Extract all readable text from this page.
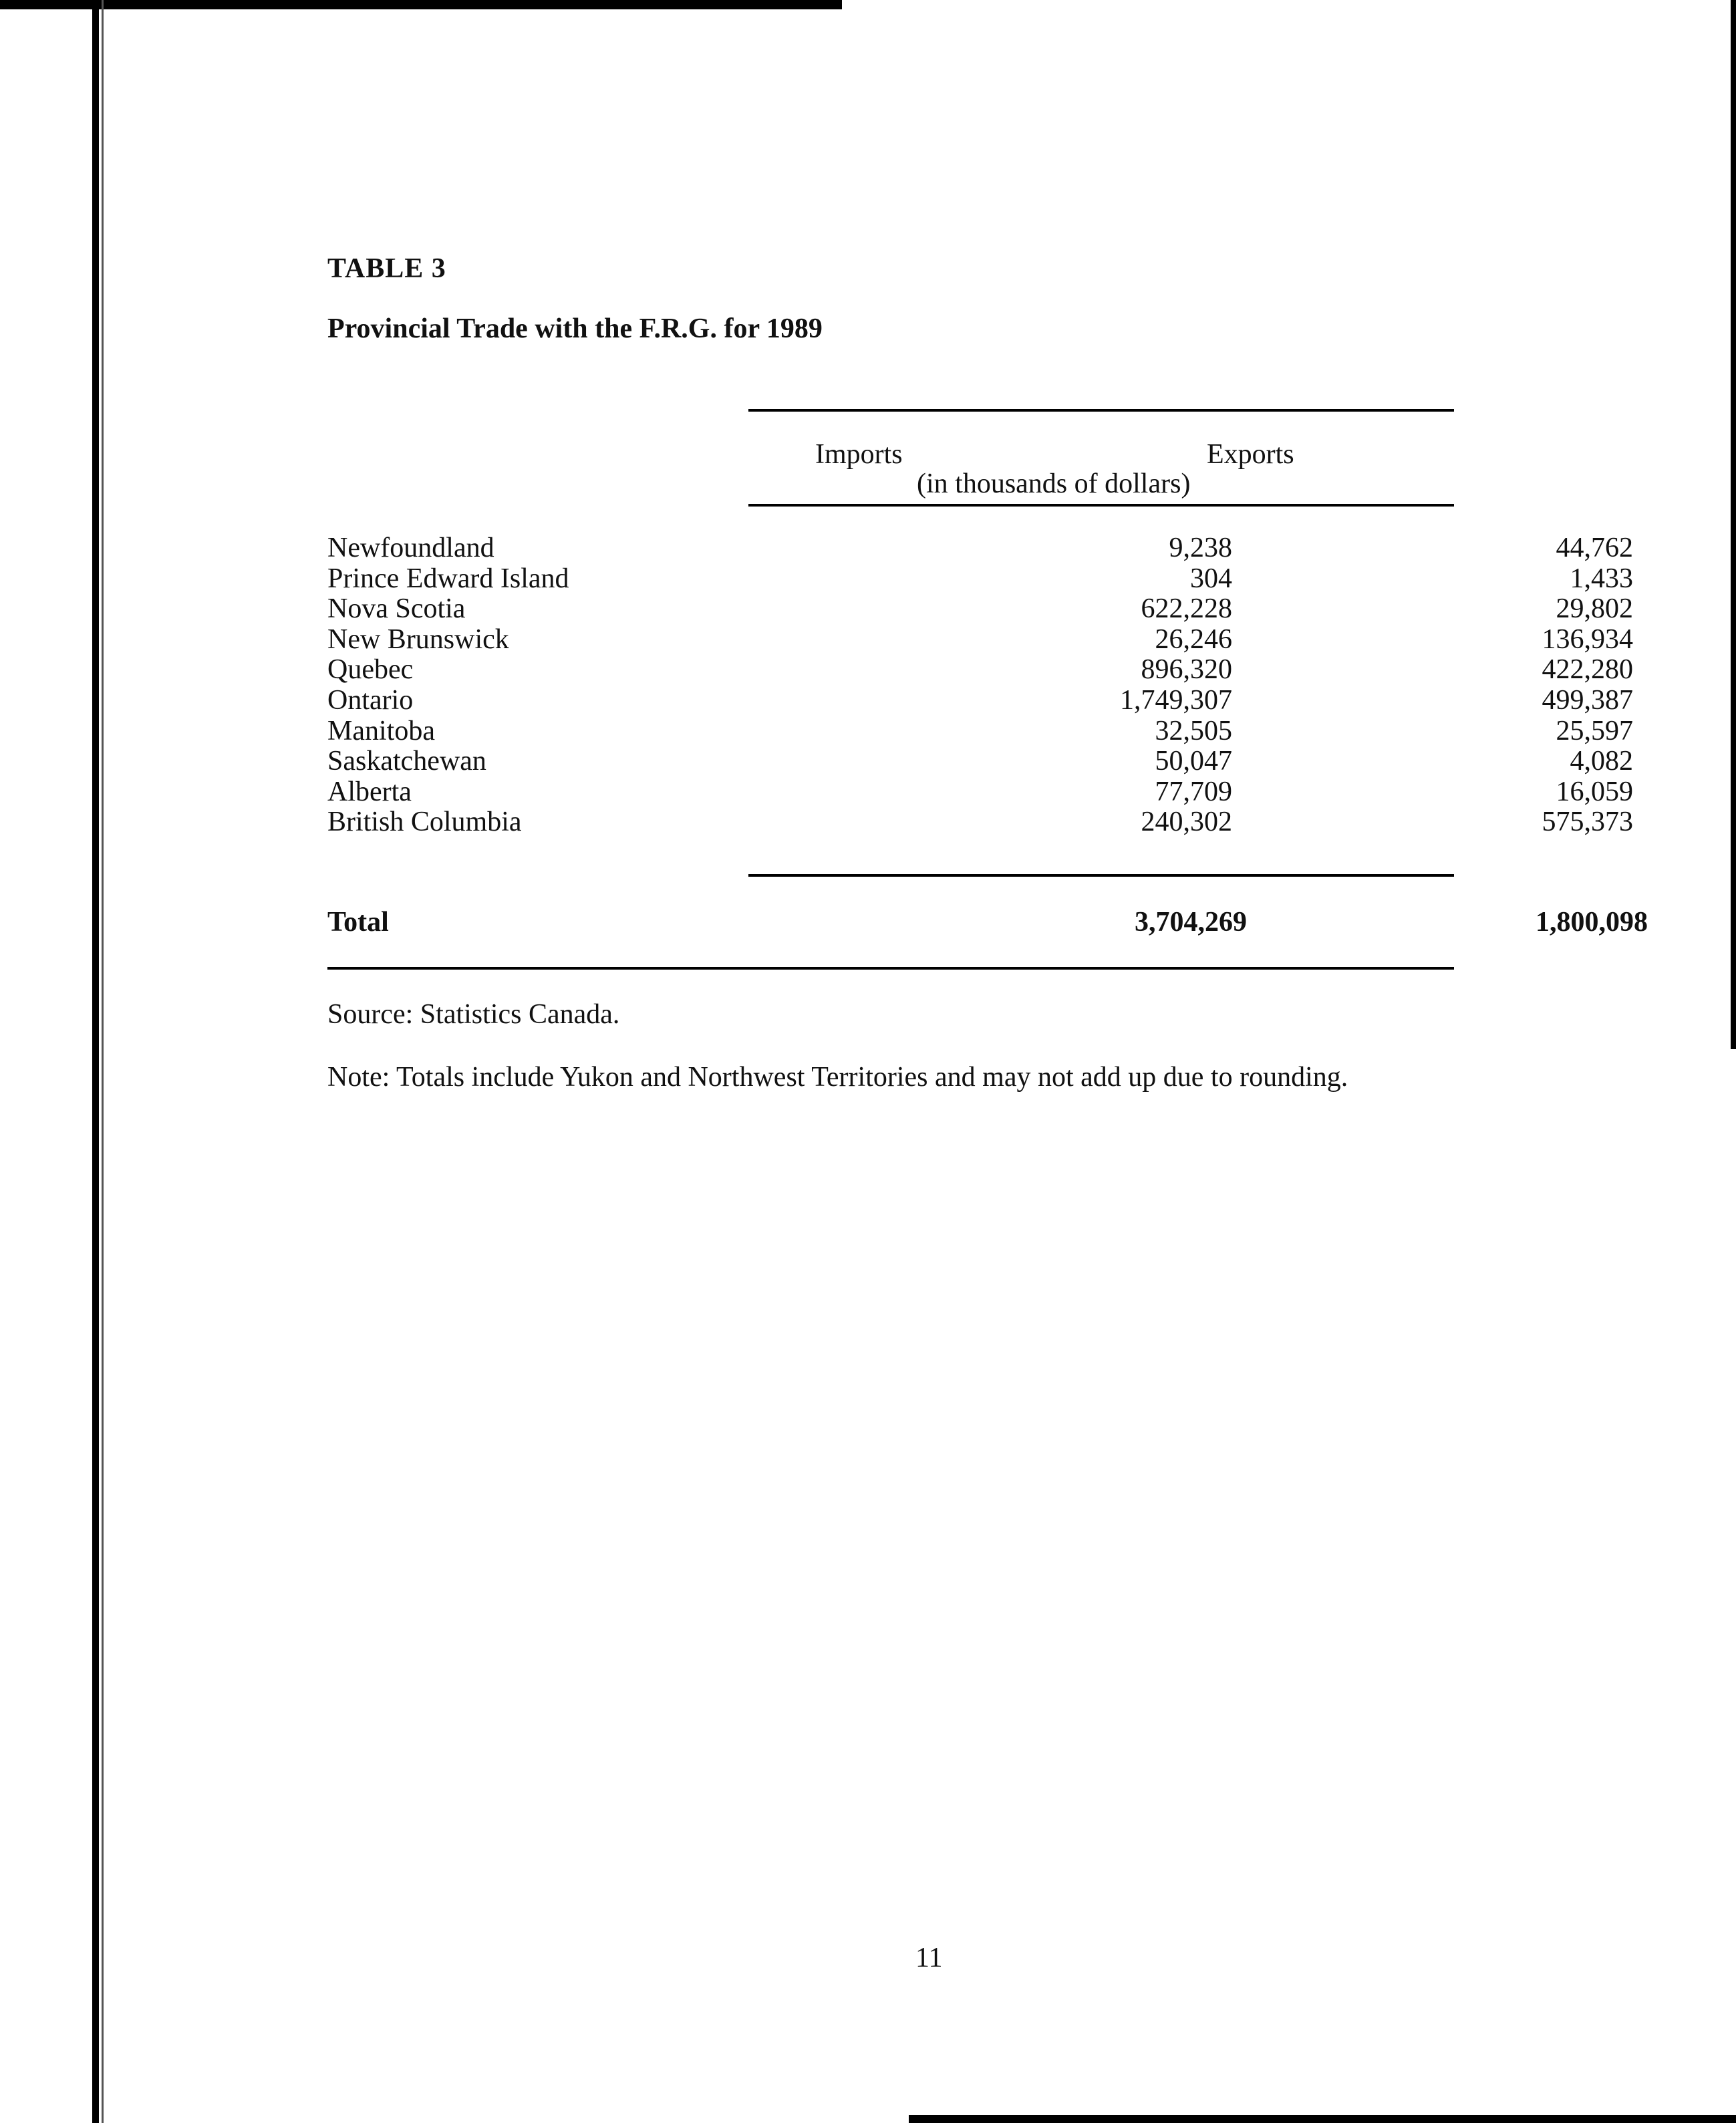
TABLE 3
Provincial Trade with the F.R.G. for 1989
Imports	Exports
(in thousands of dollars)
Newfoundland	9,238	44,762
Prince Edward Island	304	1,433
Nova Scotia	622,228	29,802
New Brunswick	26,246	136,934
Quebec	896,320	422,280
Ontario	1,749,307	499,387
Manitoba	32,505	25,597
Saskatchewan	50,047	4,082
Alberta	77,709	16,059
British Columbia	240,302	575,373
Total	3,704,269	1,800,098
Source: Statistics Canada.
Note: Totals include Yukon and Northwest Territories and may not add up due to rounding.
11
